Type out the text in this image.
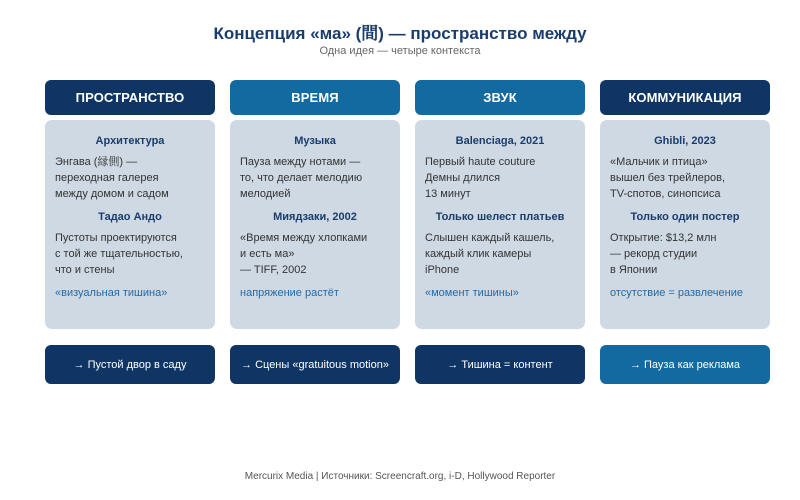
Концепция «ма» (間) — пространство между
Одна идея — четыре контекста
ПРОСТРАНСТВО
Архитектура
Энгава (縁側) —
переходная галерея
между домом и садом
Тадао Андо
Пустоты проектируются
с той же тщательностью,
что и стены
«визуальная тишина»
→ Пустой двор в саду
ВРЕМЯ
Музыка
Пауза между нотами —
то, что делает мелодию
мелодией
Миядзаки, 2002
«Время между хлопками
и есть ма»
— TIFF, 2002
напряжение растёт
→ Сцены «gratuitous motion»
ЗВУК
Balenciaga, 2021
Первый haute couture
Демны длился
13 минут
Только шелест платьев
Слышен каждый кашель,
каждый клик камеры
iPhone
«момент тишины»
→ Тишина = контент
КОММУНИКАЦИЯ
Ghibli, 2023
«Мальчик и птица»
вышел без трейлеров,
TV-спотов, синопсиса
Только один постер
Открытие: $13,2 млн
— рекорд студии
в Японии
отсутствие = развлечение
→ Пауза как реклама
Mercurix Media | Источники: Screencraft.org, i-D, Hollywood Reporter
